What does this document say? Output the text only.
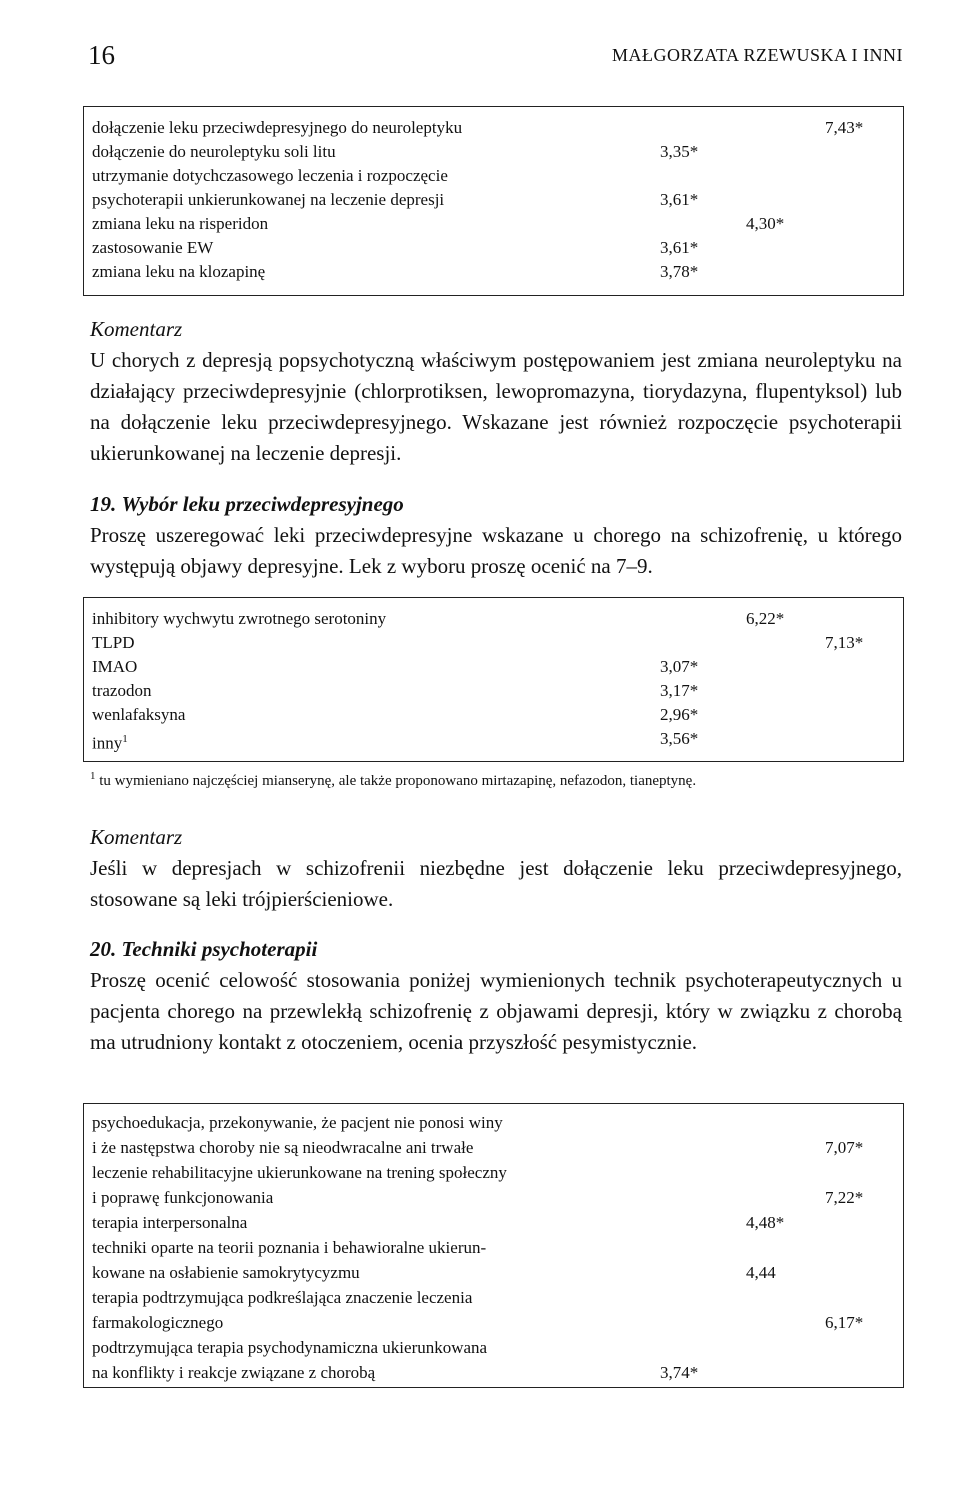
16	MAŁGORZATA RZEWUSKA I INNI
dołączenie leku przeciwdepresyjnego do neuroleptyku	7,43*
dołączenie do neuroleptyku soli litu	3,35*
utrzymanie dotychczasowego leczenia i rozpoczęcie
psychoterapii unkierunkowanej na leczenie depresji	3,61*
zmiana leku na risperidon	4,30*
zastosowanie EW	3,61*
zmiana leku na klozapinę	3,78*

Komentarz

U chorych z depresją popsychotyczną właściwym postępowaniem jest zmiana neuroleptyku na działający przeciwdepresyjnie (chlorprotiksen, lewopromazyna, tiorydazyna, flupentyksol) lub na dołączenie leku przeciwdepresyjnego. Wskazane jest również rozpoczęcie psychoterapii ukierunkowanej na leczenie depresji.

19. Wybór leku przeciwdepresyjnego

Proszę uszeregować leki przeciwdepresyjne wskazane u chorego na schizofrenię, u którego występują objawy depresyjne. Lek z wyboru proszę ocenić na 7–9.

inhibitory wychwytu zwrotnego serotoniny	6,22*
TLPD	7,13*
IMAO	3,07*
trazodon	3,17*
wenlafaksyna	2,96*
inny$^1$	3,56*
$^1$ tu wymieniano najczęściej mianserynę, ale także proponowano mirtazapinę, nefazodon, tianeptynę.

Komentarz

Jeśli w depresjach w schizofrenii niezbędne jest dołączenie leku przeciwdepresyjnego, stosowane są leki trójpierścieniowe.

20. Techniki psychoterapii

Proszę ocenić celowość stosowania poniżej wymienionych technik psychoterapeutycznych u pacjenta chorego na przewlekłą schizofrenię z objawami depresji, który w związku z chorobą ma utrudniony kontakt z otoczeniem, ocenia przyszłość pesymistycznie.

psychoedukacja, przekonywanie, że pacjent nie ponosi winy
i że następstwa choroby nie są nieodwracalne ani trwałe	7,07*
leczenie rehabilitacyjne ukierunkowane na trening społeczny
i poprawę funkcjonowania	7,22*
terapia interpersonalna	4,48*
techniki oparte na teorii poznania i behawioralne ukierun-
kowane na osłabienie samokrytycyzmu	4,44
terapia podtrzymująca podkreślająca znaczenie leczenia
farmakologicznego	6,17*
podtrzymująca terapia psychodynamiczna ukierunkowana
na konflikty i reakcje związane z chorobą	3,74*
